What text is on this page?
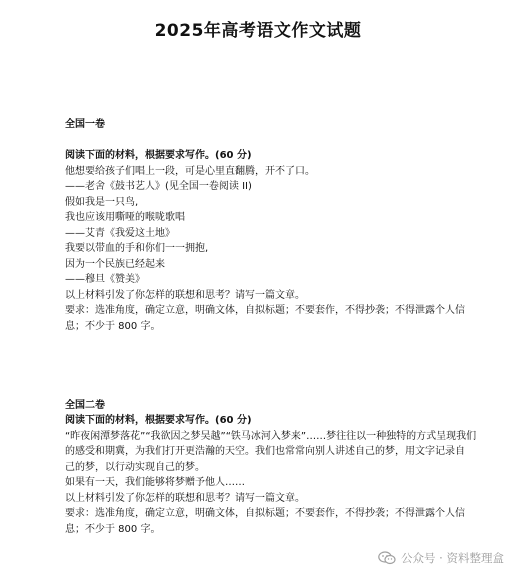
2025年高考语文作文试题
全国一卷
阅读下面的材料，根据要求写作。(60 分)
他想要给孩子们唱上一段，可是心里直翻腾，开不了口。
——老舍《鼓书艺人》(见全国一卷阅读 II)
假如我是一只鸟,
我也应该用嘶哑的喉咙歌唱
——艾青《我爱这土地》
我要以带血的手和你们一一拥抱,
因为一个民族已经起来
——穆旦《赞美》
以上材料引发了你怎样的联想和思考？请写一篇文章。
要求：选准角度，确定立意，明确文体，自拟标题；不要套作，不得抄袭；不得泄露个人信
息；不少于 800 字。
全国二卷
阅读下面的材料，根据要求写作。(60 分)
“昨夜闲潭梦落花”“我欲因之梦吴越”“铁马冰河入梦来”……梦往往以一种独特的方式呈现我们
的感受和期冀，为我们打开更浩瀚的天空。我们也常常向别人讲述自己的梦，用文字记录自
己的梦，以行动实现自己的梦。
如果有一天，我们能够将梦赠予他人……
以上材料引发了你怎样的联想和思考？请写一篇文章。
要求：选准角度，确定立意，明确文体，自拟标题；不要套作，不得抄袭；不得泄露个人信
息；不少于 800 字。
公众号 · 资料整理盒
